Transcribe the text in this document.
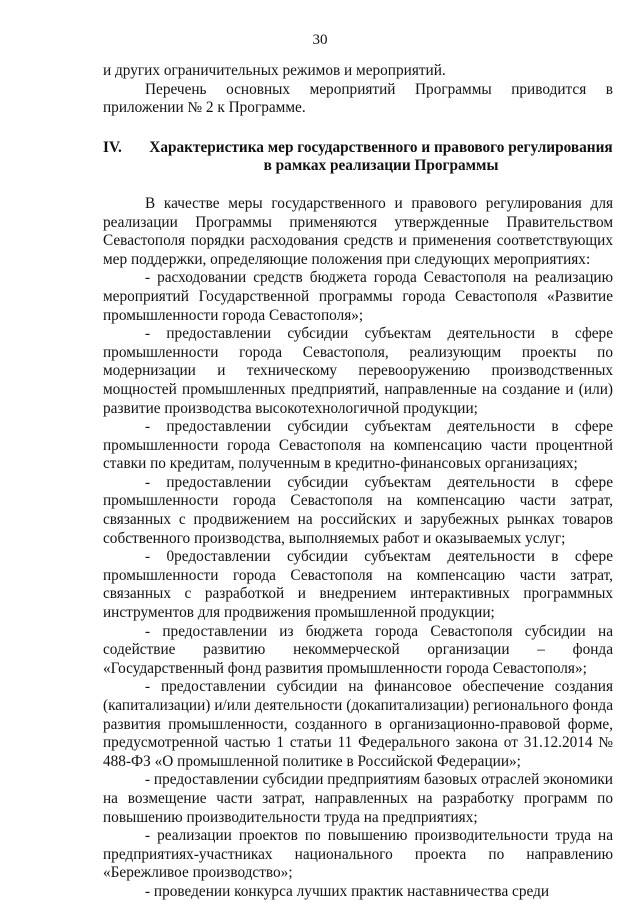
30

и других ограничительных режимов и мероприятий.

Перечень основных мероприятий Программы приводится в приложении № 2 к Программе.

IV.	Характеристика мер государственного и правового регулирования в рамках реализации Программы

В качестве меры государственного и правового регулирования для реализации Программы применяются утвержденные Правительством Севастополя порядки расходования средств и применения соответствующих мер поддержки, определяющие положения при следующих мероприятиях:

- расходовании средств бюджета города Севастополя на реализацию мероприятий Государственной программы города Севастополя «Развитие промышленности города Севастополя»;

- предоставлении субсидии субъектам деятельности в сфере промышленности города Севастополя, реализующим проекты по модернизации и техническому перевооружению производственных мощностей промышленных предприятий, направленные на создание и (или) развитие производства высокотехнологичной продукции;

- предоставлении субсидии субъектам деятельности в сфере промышленности города Севастополя на компенсацию части процентной ставки по кредитам, полученным в кредитно-финансовых организациях;

- предоставлении субсидии субъектам деятельности в сфере промышленности города Севастополя на компенсацию части затрат, связанных с продвижением на российских и зарубежных рынках товаров собственного производства, выполняемых работ и оказываемых услуг;

- 0редоставлении субсидии субъектам деятельности в сфере промышленности города Севастополя на компенсацию части затрат, связанных с разработкой и внедрением интерактивных программных инструментов для продвижения промышленной продукции;

- предоставлении из бюджета города Севастополя субсидии на содействие развитию некоммерческой организации – фонда «Государственный фонд развития промышленности города Севастополя»;

- предоставлении субсидии на финансовое обеспечение создания (капитализации) и/или деятельности (докапитализации) регионального фонда развития промышленности, созданного в организационно-правовой форме, предусмотренной частью 1 статьи 11 Федерального закона от 31.12.2014 № 488-ФЗ «О промышленной политике в Российской Федерации»;

- предоставлении субсидии предприятиям базовых отраслей экономики на возмещение части затрат, направленных на разработку программ по повышению производительности труда на предприятиях;

- реализации проектов по повышению производительности труда на предприятиях-участниках национального проекта по направлению «Бережливое производство»;

- проведении конкурса лучших практик наставничества среди
